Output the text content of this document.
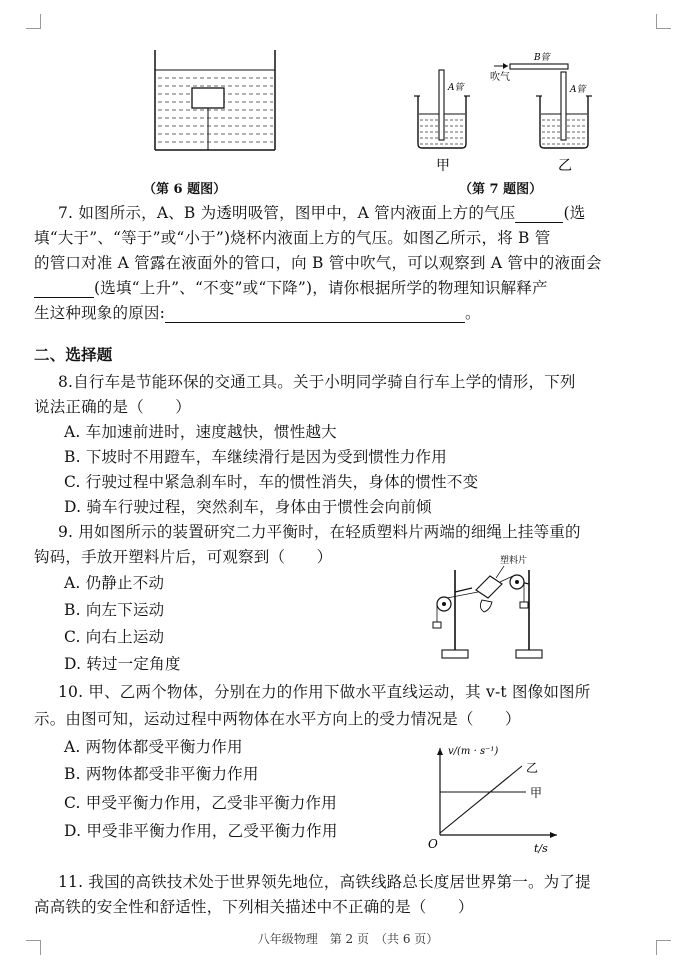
（第 6 题图）
A管
甲
A管
B管
吹气
乙
（第 7 题图）
7. 如图所示，A、B 为透明吸管，图甲中，A 管内液面上方的气压	(选
填“大于”、“等于”或“小于”)烧杯内液面上方的气压。如图乙所示，将 B 管
的管口对准 A 管露在液面外的管口，向 B 管中吹气，可以观察到 A 管中的液面会
(选填“上升”、“不变”或“下降”)，请你根据所学的物理知识解释产
生这种现象的原因:	。
二、选择题
8.自行车是节能环保的交通工具。关于小明同学骑自行车上学的情形，下列
说法正确的是（　　）
A. 车加速前进时，速度越快，惯性越大
B. 下坡时不用蹬车，车继续滑行是因为受到惯性力作用
C. 行驶过程中紧急刹车时，车的惯性消失，身体的惯性不变
D. 骑车行驶过程，突然刹车，身体由于惯性会向前倾
9. 用如图所示的装置研究二力平衡时，在轻质塑料片两端的细绳上挂等重的
钩码，手放开塑料片后，可观察到（　　）
A. 仍静止不动
B. 向左下运动
C. 向右上运动
D. 转过一定角度
塑料片
10. 甲、乙两个物体，分别在力的作用下做水平直线运动，其 v-t 图像如图所
示。由图可知，运动过程中两物体在水平方向上的受力情况是（　　）
A. 两物体都受平衡力作用
B. 两物体都受非平衡力作用
C. 甲受平衡力作用，乙受非平衡力作用
D. 甲受非平衡力作用，乙受平衡力作用
v/(m · s⁻¹)
乙
甲
O	t/s
11. 我国的高铁技术处于世界领先地位，高铁线路总长度居世界第一。为了提
高高铁的安全性和舒适性，下列相关描述中不正确的是（　　）
八年级物理　第 2 页　（共 6 页）
